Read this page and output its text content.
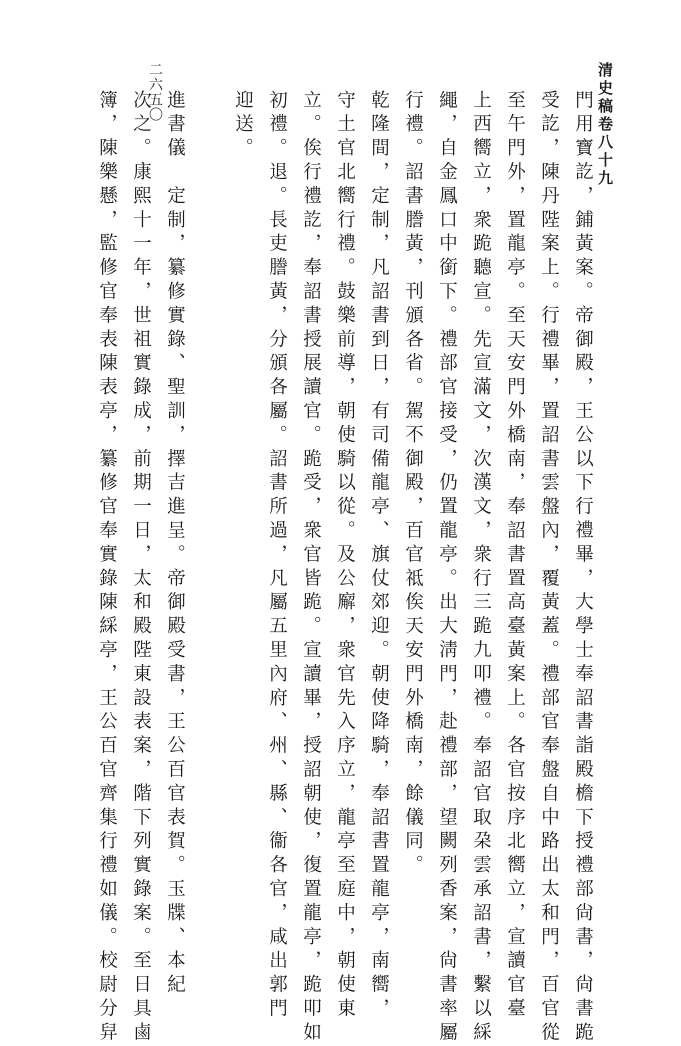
清史稿卷八十九
二六五〇	門用寶訖，鋪黃案。帝御殿，王公以下行禮畢，大學士奉詔書詣殿檐下授禮部尙書，尙書跪
受訖，陳丹陛案上。行禮畢，置詔書雲盤內，覆黃蓋。禮部官奉盤自中路出太和門，百官從
至午門外，置龍亭。至天安門外橋南，奉詔書置高臺黃案上。各官按序北嚮立，宣讀官臺
上西嚮立，衆跪聽宣。先宣滿文，次漢文，衆行三跪九叩禮。奉詔官取朶雲承詔書，繫以綵
繩，自金鳳口中銜下。禮部官接受，仍置龍亭。出大淸門，赴禮部，望闕列香案，尙書率屬
行禮。詔書謄黃，刊頒各省。駕不御殿，百官祗俟天安門外橋南，餘儀同。
乾隆間，定制，凡詔書到日，有司備龍亭、旗仗郊迎。朝使降騎，奉詔書置龍亭，南嚮，
守土官北嚮行禮。鼓樂前導，朝使騎以從。及公廨，衆官先入序立，龍亭至庭中，朝使東
立。俟行禮訖，奉詔書授展讀官。跪受，衆官皆跪。宣讀畢，授詔朝使，復置龍亭，跪叩如
初禮。退。長吏謄黃，分頒各屬。詔書所過，凡屬五里內府、州、縣、衞各官，咸出郭門
迎送。
進書儀　定制，纂修實錄、聖訓，擇吉進呈。帝御殿受書，王公百官表賀。玉牒、本紀
次之。康熙十一年，世祖實錄成，前期一日，太和殿陛東設表案，階下列實錄案。至日具鹵
簿，陳樂懸，監修官奉表陳表亭，纂修官奉實錄陳綵亭，王公百官齊集行禮如儀。校尉分舁
